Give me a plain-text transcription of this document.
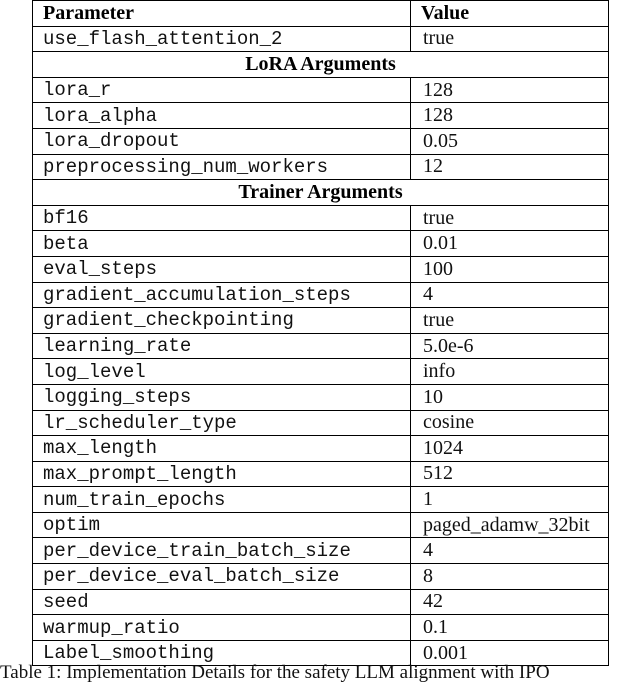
Parameter	Value
use_flash_attention_2	true
LoRA Arguments	
lora_r	128
lora_alpha	128
lora_dropout	0.05
preprocessing_num_workers	12
Trainer Arguments	
bf16	true
beta	0.01
eval_steps	100
gradient_accumulation_steps	4
gradient_checkpointing	true
learning_rate	5.0e-6
log_level	info
logging_steps	10
lr_scheduler_type	cosine
max_length	1024
max_prompt_length	512
num_train_epochs	1
optim	paged_adamw_32bit
per_device_train_batch_size	4
per_device_eval_batch_size	8
seed	42
warmup_ratio	0.1
Label_smoothing	0.001
Table 1: Implementation Details for the safety LLM alignment with IPO
